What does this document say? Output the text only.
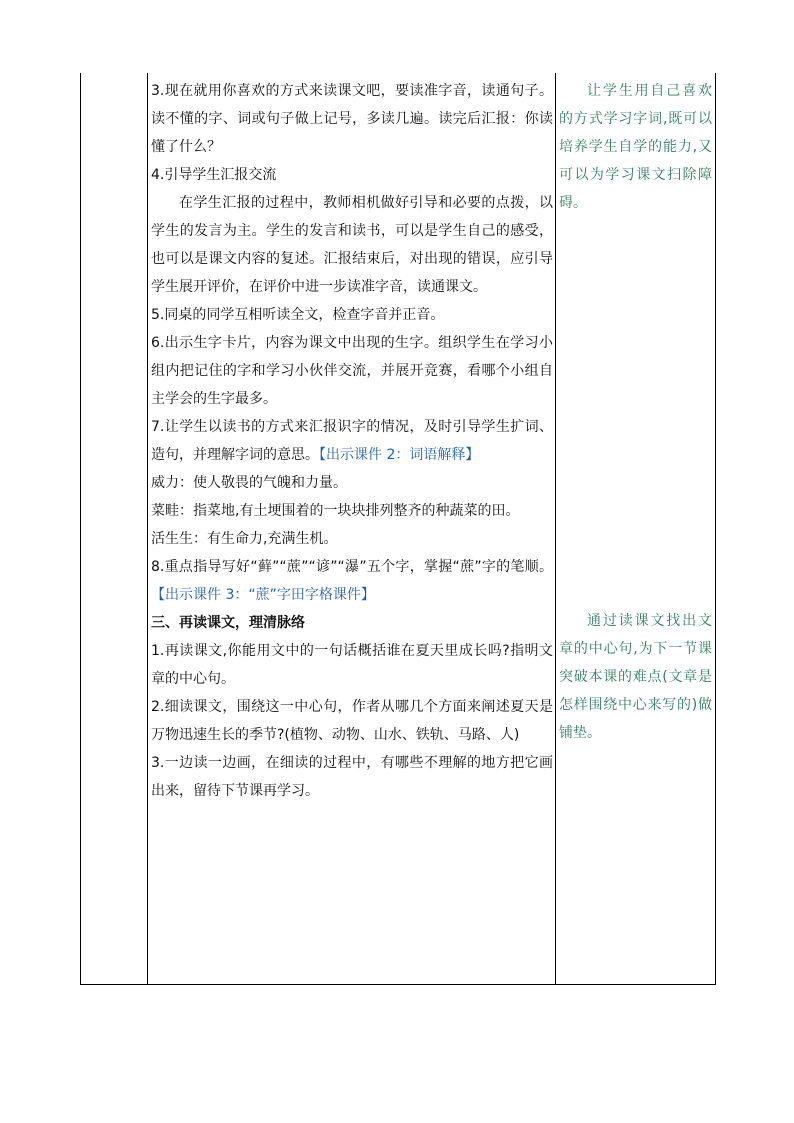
3.现在就用你喜欢的方式来读课文吧，要读准字音，读通句子。读不懂的字、词或句子做上记号，多读几遍。读完后汇报：你读懂了什么？

4.引导学生汇报交流

在学生汇报的过程中，教师相机做好引导和必要的点拨，以学生的发言为主。学生的发言和读书，可以是学生自己的感受，也可以是课文内容的复述。汇报结束后，对出现的错误，应引导学生展开评价，在评价中进一步读准字音，读通课文。

5.同桌的同学互相听读全文，检查字音并正音。

6.出示生字卡片，内容为课文中出现的生字。组织学生在学习小组内把记住的字和学习小伙伴交流，并展开竞赛，看哪个小组自主学会的生字最多。

7.让学生以读书的方式来汇报识字的情况，及时引导学生扩词、造句，并理解字词的意思。【出示课件 2：词语解释】

威力：使人敬畏的气魄和力量。

菜畦：指菜地,有土埂围着的一块块排列整齐的种蔬菜的田。

活生生：有生命力,充满生机。

8.重点指导写好“藓”“蔗”“谚”“瀑”五个字，掌握“蔗”字的笔顺。【出示课件 3：“蔗”字田字格课件】

三、再读课文，理清脉络

1.再读课文,你能用文中的一句话概括谁在夏天里成长吗?指明文章的中心句。

2.细读课文，围绕这一中心句，作者从哪几个方面来阐述夏天是万物迅速生长的季节?(植物、动物、山水、铁轨、马路、人)

3.一边读一边画，在细读的过程中，有哪些不理解的地方把它画出来，留待下节课再学习。

让学生用自己喜欢的方式学习字词,既可以培养学生自学的能力,又可以为学习课文扫除障碍。

通过读课文找出文章的中心句,为下一节课突破本课的难点(文章是怎样围绕中心来写的)做铺垫。
